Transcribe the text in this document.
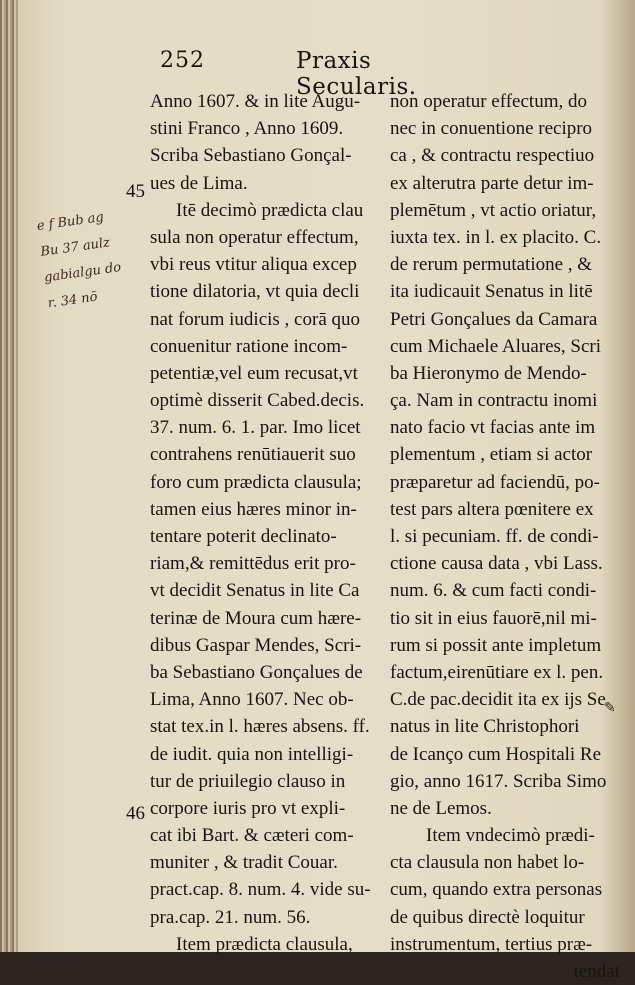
252	Praxis Secularis.
45
46
e f Bub ag
Bu 37 aulz
gabialgu do
r. 34 nō
Anno 1607. & in lite Augu-
stini Franco , Anno 1609.
Scriba Sebastiano Gonçal-
ues de Lima.
Itē decimò prædicta clau
sula non operatur effectum,
vbi reus vtitur aliqua excep
tione dilatoria, vt quia decli
nat forum iudicis , corā quo
conuenitur ratione incom-
petentiæ,vel eum recusat,vt
optimè disserit Cabed.decis.
37. num. 6. 1. par. Imo licet
contrahens renūtiauerit suo
foro cum prædicta clausula;
tamen eius hæres minor in-
tentare poterit declinato-
riam,& remittēdus erit pro-
vt decidit Senatus in lite Ca
terinæ de Moura cum hære-
dibus Gaspar Mendes, Scri-
ba Sebastiano Gonçalues de
Lima, Anno 1607. Nec ob-
stat tex.in l. hæres absens. ff.
de iudit. quia non intelligi-
tur de priuilegio clauso in
corpore iuris pro vt expli-
cat ibi Bart. & cæteri com-
muniter , & tradit Couar.
pract.cap. 8. num. 4. vide su-
pra.cap. 21. num. 56.
Item prædicta clausula,
non operatur effectum, do
nec in conuentione recipro
ca , & contractu respectiuo
ex alterutra parte detur im-
plemētum , vt actio oriatur,
iuxta tex. in l. ex placito. C.
de rerum permutatione , &
ita iudicauit Senatus in litē
Petri Gonçalues da Camara
cum Michaele Aluares, Scri
ba Hieronymo de Mendo-
ça. Nam in contractu inomi
nato facio vt facias ante im
plementum , etiam si actor
præparetur ad faciendū, po-
test pars altera pœnitere ex
l. si pecuniam. ff. de condi-
ctione causa data , vbi Lass.
num. 6. & cum facti condi-
tio sit in eius fauorē,nil mi-
rum si possit ante impletum
factum,eirenūtiare ex l. pen.
C.de pac.decidit ita ex ijs Se
natus in lite Christophori
de Icanço cum Hospitali Re
gio, anno 1617. Scriba Simo
ne de Lemos.
Item vndecimò prædi-
cta clausula non habet lo-
cum, quando extra personas
de quibus directè loquitur
instrumentum, tertius præ-
tendat
✎
